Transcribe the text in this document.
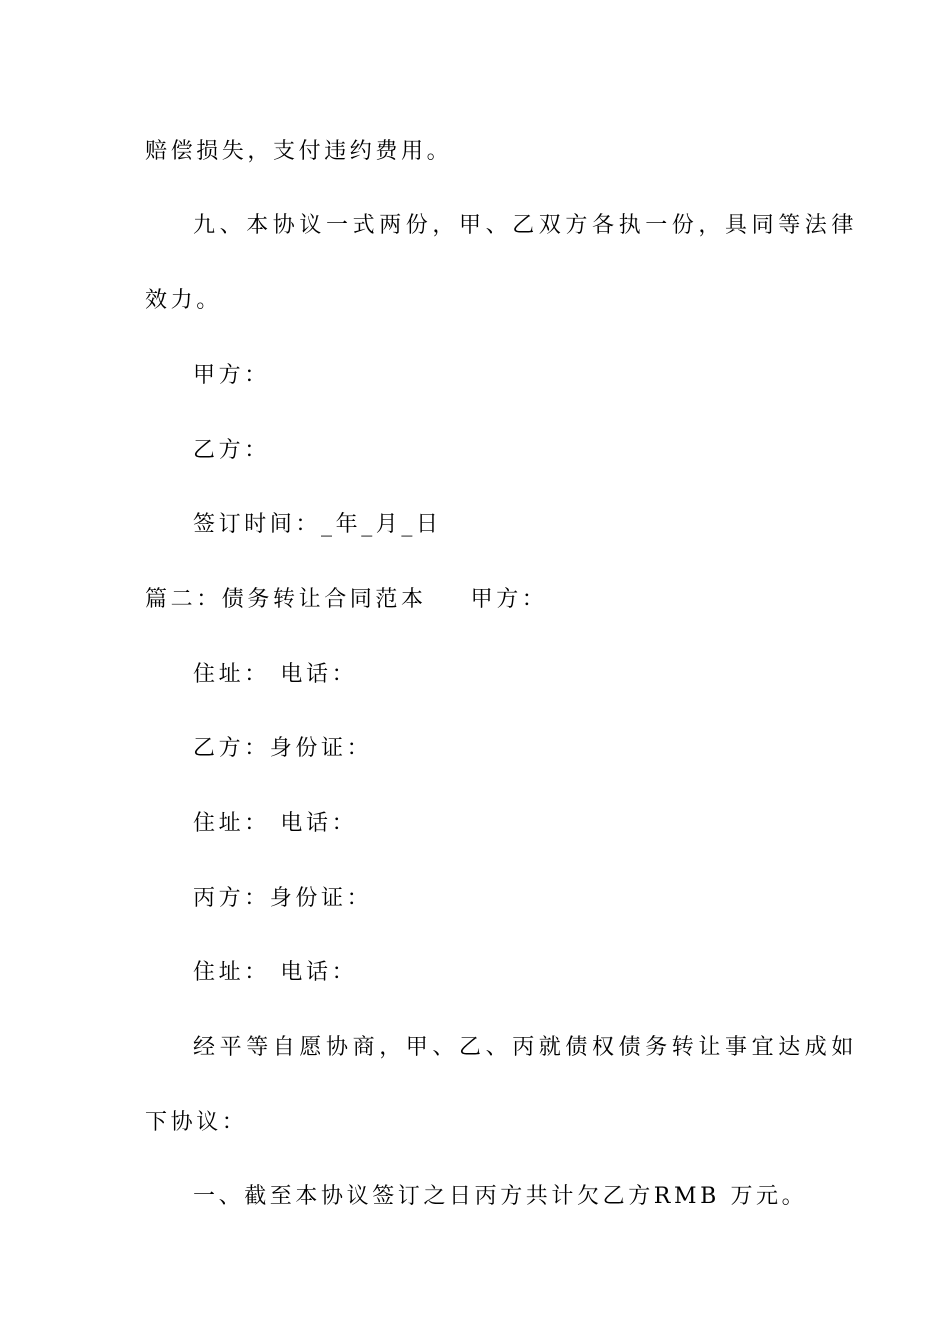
赔偿损失，支付违约费用。
九、本协议一式两份，甲、乙双方各执一份，具同等法律
效力。
甲方：
乙方：
签订时间：_年_月_日
篇二：债务转让合同范本 甲方：
住址： 电话：
乙方：身份证：
住址： 电话：
丙方：身份证：
住址： 电话：
经平等自愿协商，甲、乙、丙就债权债务转让事宜达成如
下协议：
一、截至本协议签订之日丙方共计欠乙方RMB 万元。
